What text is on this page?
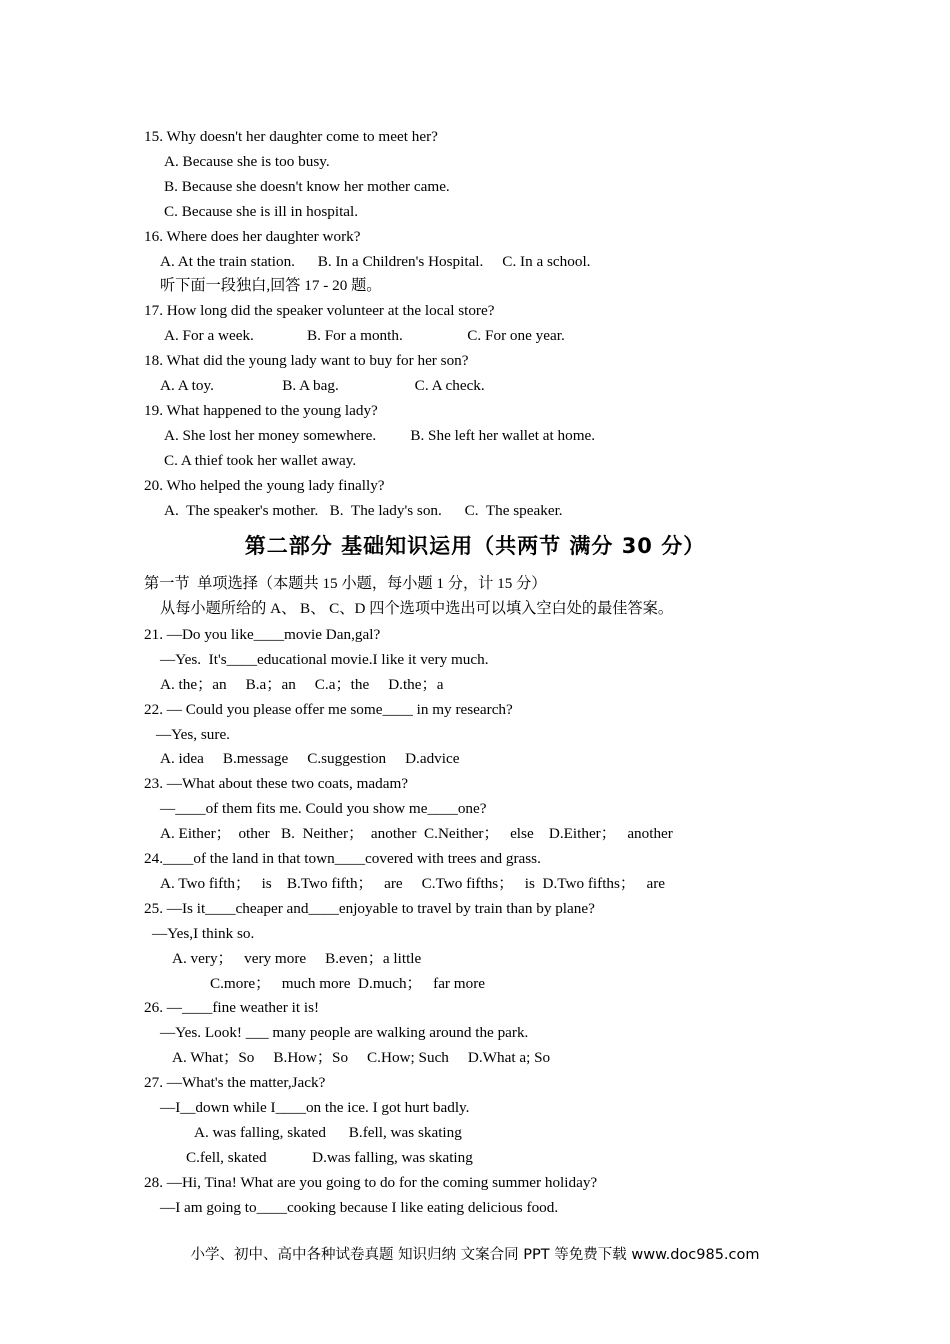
15. Why doesn't her daughter come to meet her?
A. Because she is too busy.
B. Because she doesn't know her mother came.
C. Because she is ill in hospital.
16. Where does her daughter work?
A. At the train station.      B. In a Children's Hospital.     C. In a school.
听下面一段独白,回答 17 - 20 题。
17. How long did the speaker volunteer at the local store?
A. For a week.              B. For a month.                 C. For one year.
18. What did the young lady want to buy for her son?
A. A toy.                  B. A bag.                    C. A check.
19. What happened to the young lady?
A. She lost her money somewhere.         B. She left her wallet at home.
C. A thief took her wallet away.
20. Who helped the young lady finally?
A.  The speaker's mother.   B.  The lady's son.      C.  The speaker.
第二部分 基础知识运用（共两节 满分 30 分）
第一节  单项选择（本题共 15 小题，每小题 1 分，计 15 分）
从每小题所给的 A、 B、 C、D 四个选项中选出可以填入空白处的最佳答案。
21. —Do you like____movie Dan,gal?
—Yes.  It's____educational movie.I like it very much.
A. the；an     B.a；an     C.a；the     D.the；a
22. — Could you please offer me some____ in my research?
—Yes, sure.
A. idea     B.message     C.suggestion     D.advice
23. —What about these two coats, madam?
—____of them fits me. Could you show me____one?
A. Either；  other   B.  Neither；  another  C.Neither；   else    D.Either；   another
24.____of the land in that town____covered with trees and grass.
A. Two fifth；   is    B.Two fifth；   are     C.Two fifths；   is  D.Two fifths；   are
25. —Is it____cheaper and____enjoyable to travel by train than by plane?
—Yes,I think so.
A. very；   very more     B.even；a little
C.more；   much more  D.much；   far more
26. —____fine weather it is!
—Yes. Look! ___ many people are walking around the park.
A. What；So     B.How；So     C.How; Such     D.What a; So
27. —What's the matter,Jack?
—I__down while I____on the ice. I got hurt badly.
A. was falling, skated      B.fell, was skating
C.fell, skated            D.was falling, was skating
28. —Hi, Tina! What are you going to do for the coming summer holiday?
—I am going to____cooking because I like eating delicious food.
小学、初中、高中各种试卷真题 知识归纳 文案合同 PPT 等免费下载 www.doc985.com
